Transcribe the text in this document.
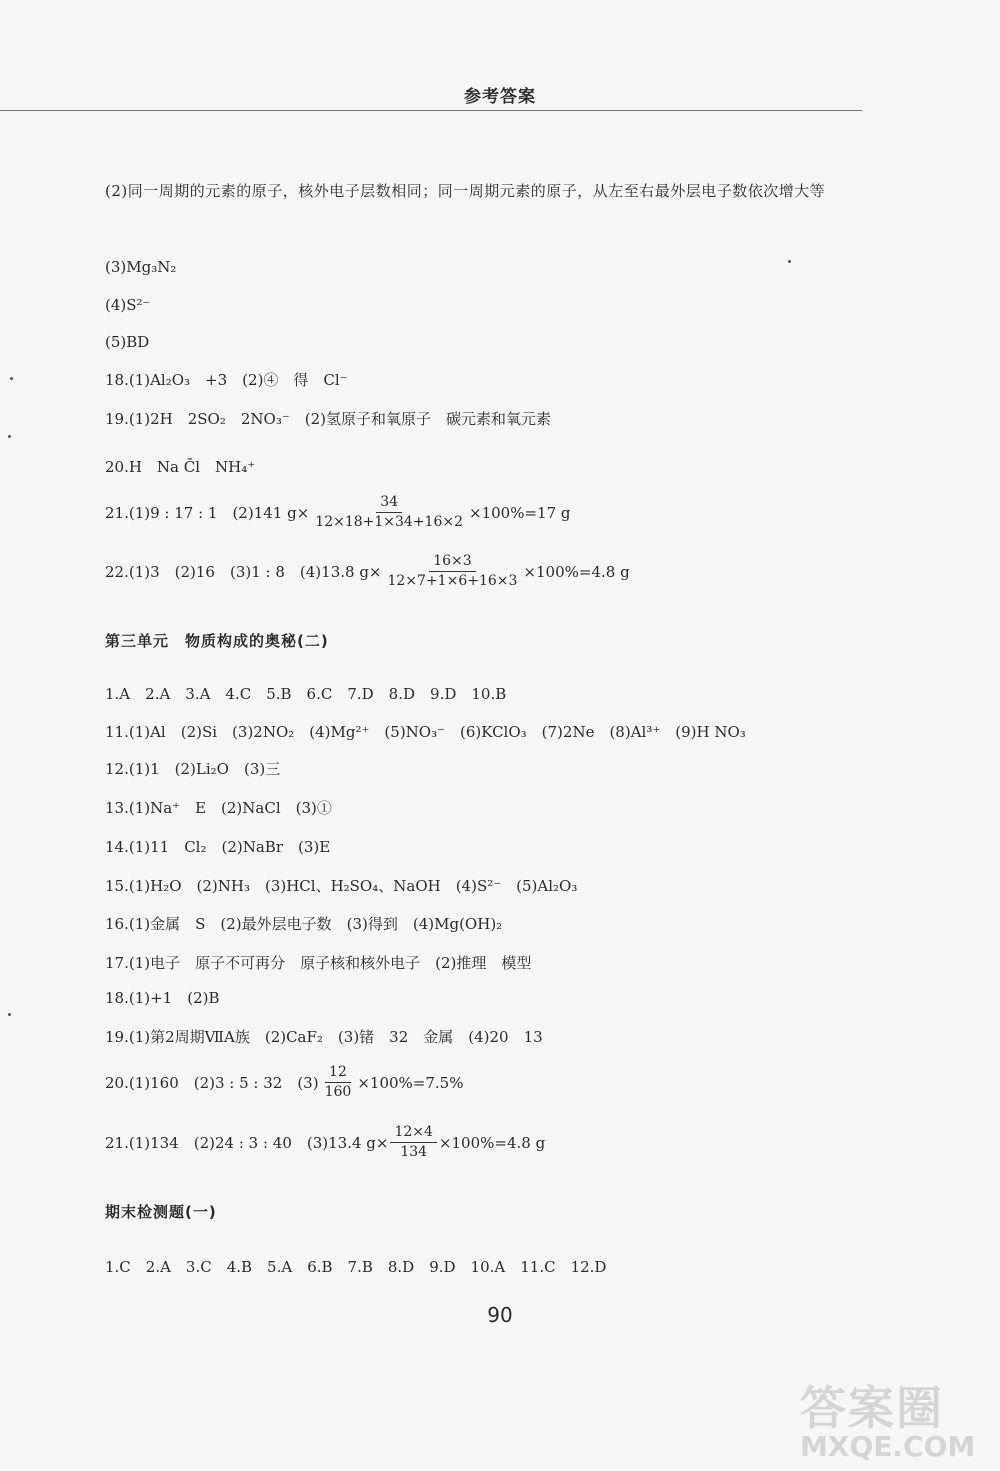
参考答案
(2)同一周期的元素的原子，核外电子层数相同；同一周期元素的原子，从左至右最外层电子数依次增大等
(3)Mg₃N₂
(4)S²⁻
(5)BD
18.(1)Al₂O₃　+3　(2)④　得　Cl⁻
19.(1)2H　2SO₂　2NO₃⁻　(2)氢原子和氧原子　碳元素和氧元素
20.H　Na C̄l　NH₄⁺
21.(1)9 : 17 : 1　(2)141 $g\times \frac{34}{12\times 18+1\times 34+16\times 2} \times 100\%=17$ g
22.(1)3　(2)16　(3)1 : 8　(4)13.8 $g\times \frac{16\times 3}{12\times 7+1\times 6+16\times 3} \times 100\%=4.8$ g
第三单元　物质构成的奥秘(二)
1.A　2.A　3.A　4.C　5.B　6.C　7.D　8.D　9.D　10.B
11.(1)Al　(2)Si　(3)2NO₂　(4)Mg²⁺　(5)NO₃⁻　(6)KClO₃　(7)2Ne　(8)Al³⁺　(9)H NO₃
12.(1)1　(2)Li₂O　(3)三
13.(1)Na⁺　E　(2)NaCl　(3)①
14.(1)11　Cl₂　(2)NaBr　(3)E
15.(1)H₂O　(2)NH₃　(3)HCl、H₂SO₄、NaOH　(4)S²⁻　(5)Al₂O₃
16.(1)金属　S　(2)最外层电子数　(3)得到　(4)Mg(OH)₂
17.(1)电子　原子不可再分　原子核和核外电子　(2)推理　模型
18.(1)+1　(2)B
19.(1)第2周期ⅦA族　(2)CaF₂　(3)锗　32　金属　(4)20　13
20.(1)160　(2)3 : 5 : 32　$(3) \frac{12}{160} \times 100\%=7.5\%$
21.(1)134　(2)24 : 3 : 40　(3)13.4 $g\times \frac{12\times 4}{134} \times 100\%=4.8$ g
期末检测题(一)
1.C　2.A　3.C　4.B　5.A　6.B　7.B　8.D　9.D　10.A　11.C　12.D
90
答案圈
MXQE.COM
